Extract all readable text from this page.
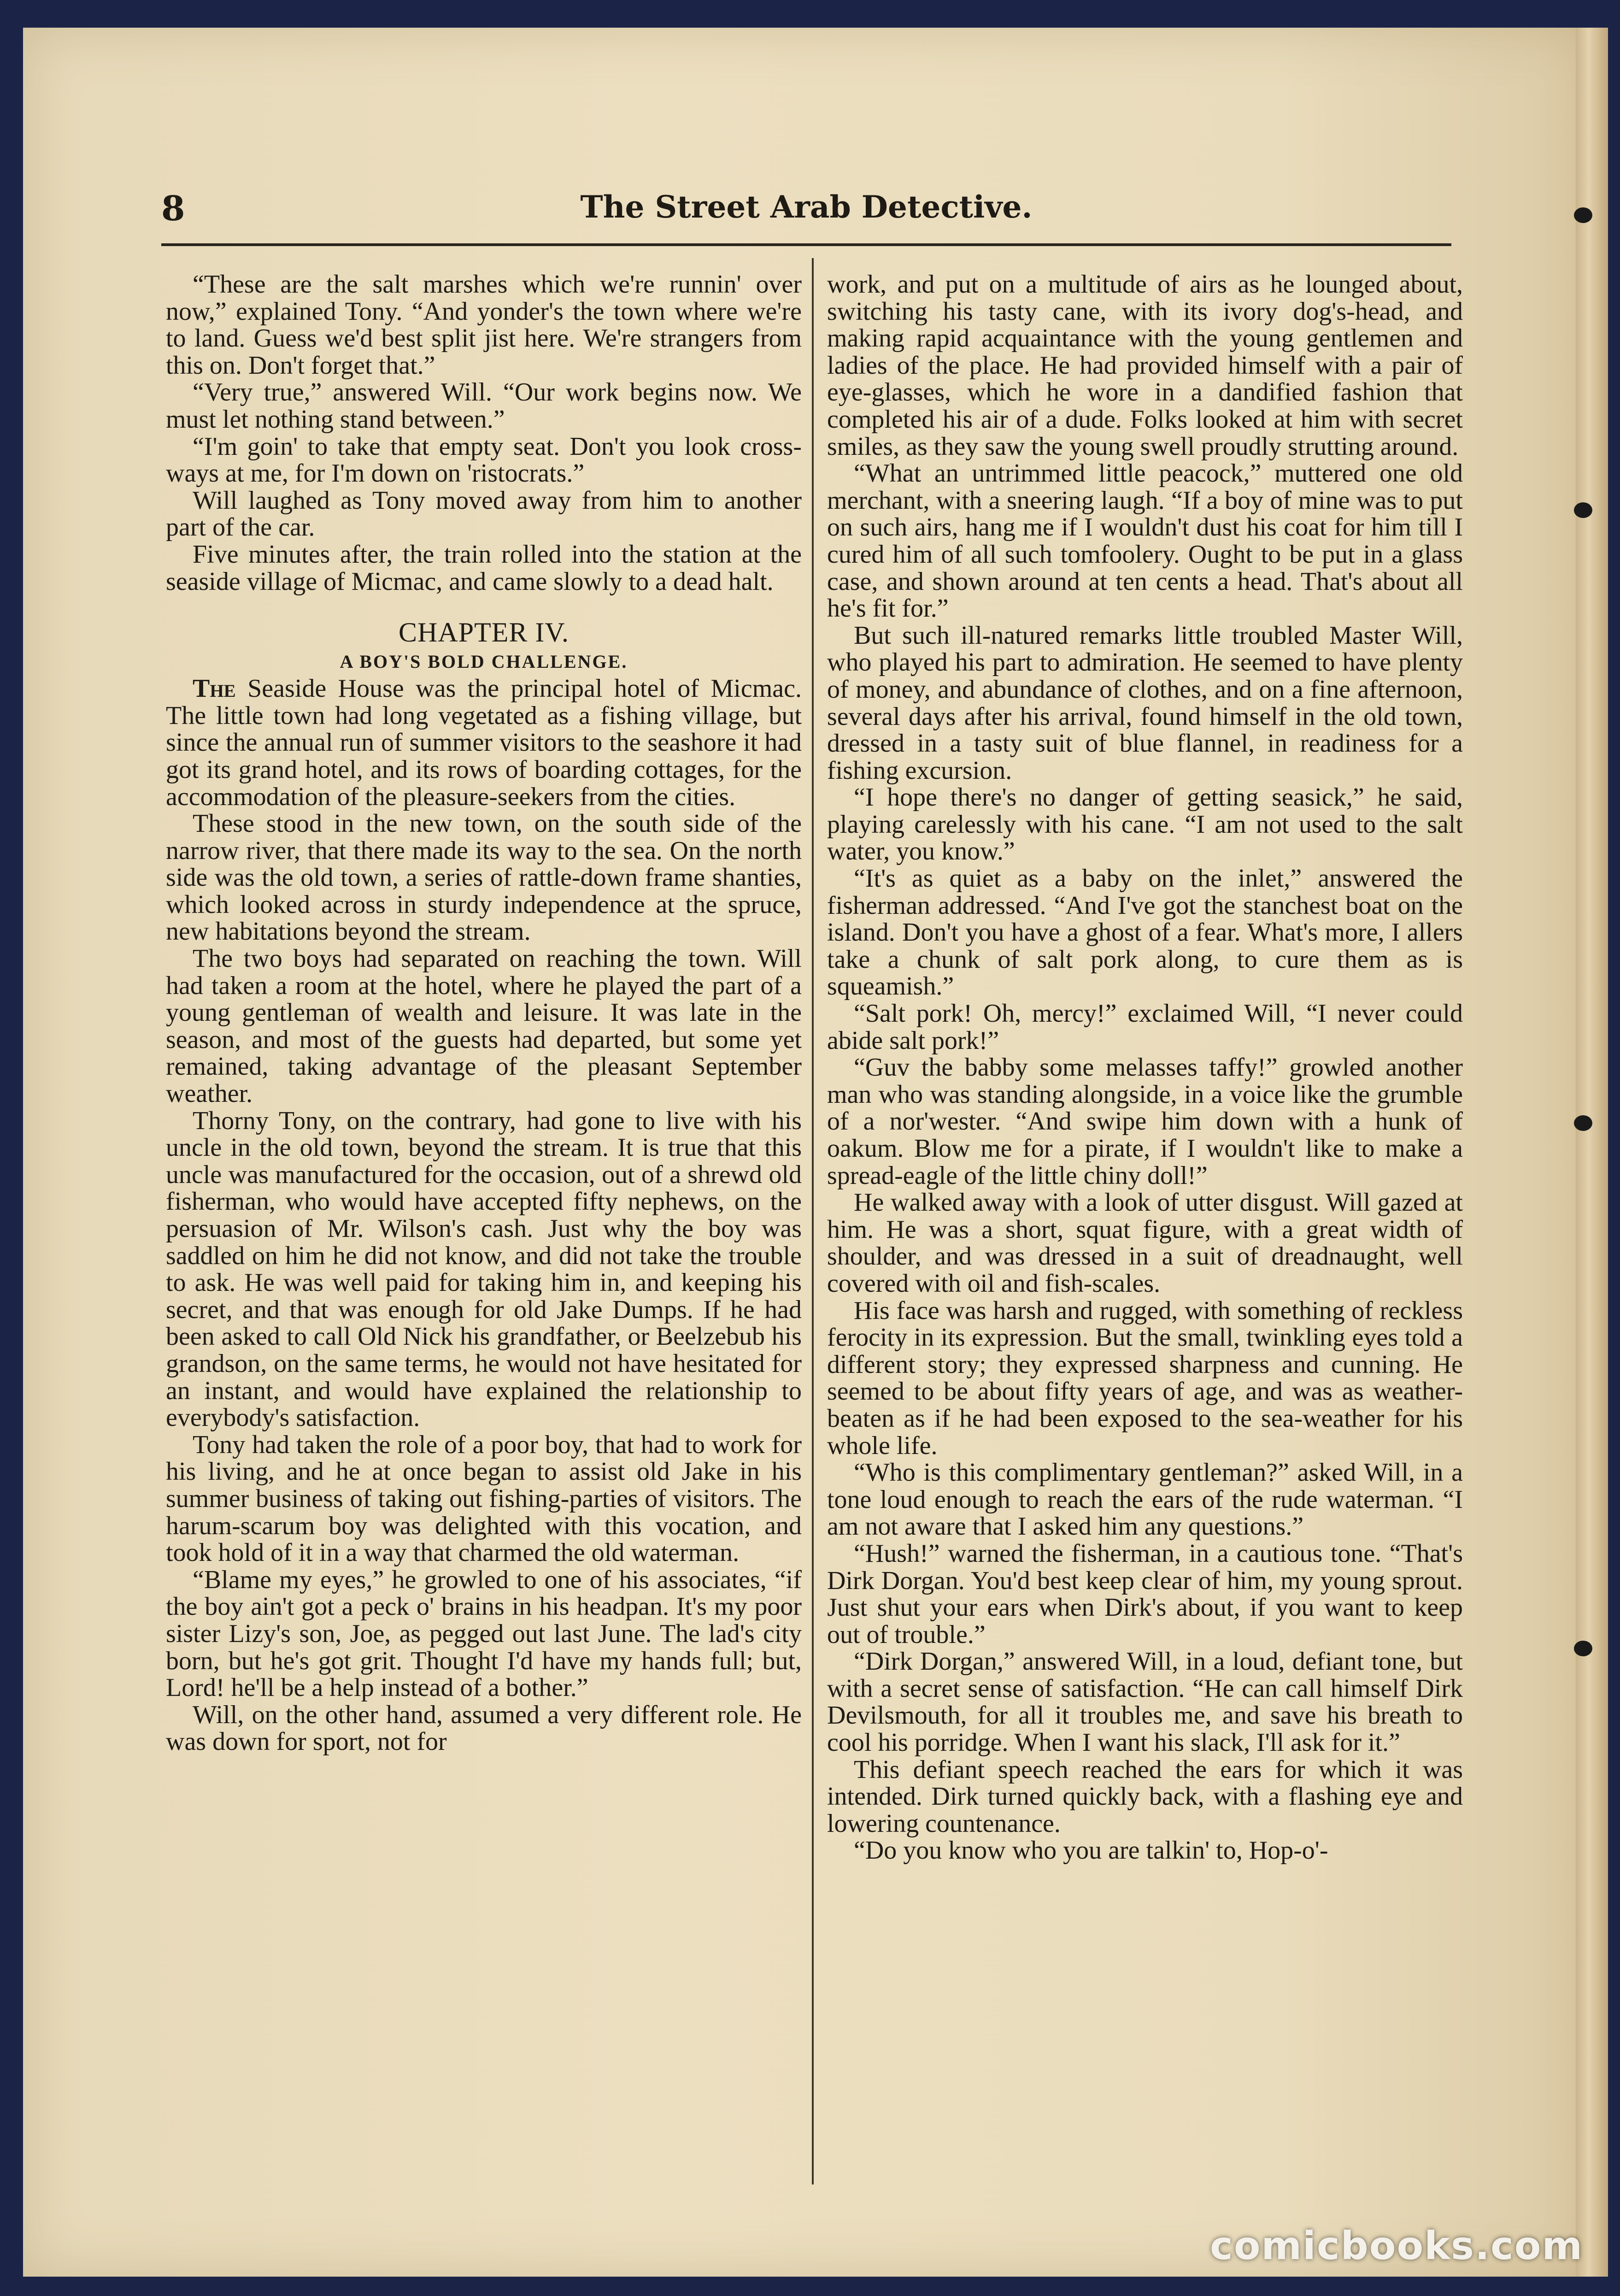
8	The Street Arab Detective.

“These are the salt marshes which we're runnin' over now,” explained Tony. “And yonder's the town where we're to land. Guess we'd best split jist here. We're strangers from this on. Don't forget that.”

“Very true,” answered Will. “Our work begins now. We must let nothing stand between.”

“I'm goin' to take that empty seat. Don't you look cross-ways at me, for I'm down on 'ristocrats.”

Will laughed as Tony moved away from him to another part of the car.

Five minutes after, the train rolled into the station at the seaside village of Micmac, and came slowly to a dead halt.

CHAPTER IV.
A BOY'S BOLD CHALLENGE.

The Seaside House was the principal hotel of Micmac. The little town had long vegetated as a fishing village, but since the annual run of summer visitors to the seashore it had got its grand hotel, and its rows of boarding cottages, for the accommodation of the pleasure-seekers from the cities.

These stood in the new town, on the south side of the narrow river, that there made its way to the sea. On the north side was the old town, a series of rattle-down frame shanties, which looked across in sturdy independence at the spruce, new habitations beyond the stream.

The two boys had separated on reaching the town. Will had taken a room at the hotel, where he played the part of a young gentleman of wealth and leisure. It was late in the season, and most of the guests had departed, but some yet remained, taking advantage of the pleasant September weather.

Thorny Tony, on the contrary, had gone to live with his uncle in the old town, beyond the stream. It is true that this uncle was manufactured for the occasion, out of a shrewd old fisherman, who would have accepted fifty nephews, on the persuasion of Mr. Wilson's cash. Just why the boy was saddled on him he did not know, and did not take the trouble to ask. He was well paid for taking him in, and keeping his secret, and that was enough for old Jake Dumps. If he had been asked to call Old Nick his grandfather, or Beelzebub his grandson, on the same terms, he would not have hesitated for an instant, and would have explained the relationship to everybody's satisfaction.

Tony had taken the role of a poor boy, that had to work for his living, and he at once began to assist old Jake in his summer business of taking out fishing-parties of visitors. The harum-scarum boy was delighted with this vocation, and took hold of it in a way that charmed the old waterman.

“Blame my eyes,” he growled to one of his associates, “if the boy ain't got a peck o' brains in his headpan. It's my poor sister Lizy's son, Joe, as pegged out last June. The lad's city born, but he's got grit. Thought I'd have my hands full; but, Lord! he'll be a help instead of a bother.”

Will, on the other hand, assumed a very different role. He was down for sport, not for

work, and put on a multitude of airs as he lounged about, switching his tasty cane, with its ivory dog's-head, and making rapid acquaintance with the young gentlemen and ladies of the place. He had provided himself with a pair of eye-glasses, which he wore in a dandified fashion that completed his air of a dude. Folks looked at him with secret smiles, as they saw the young swell proudly strutting around.

“What an untrimmed little peacock,” muttered one old merchant, with a sneering laugh. “If a boy of mine was to put on such airs, hang me if I wouldn't dust his coat for him till I cured him of all such tomfoolery. Ought to be put in a glass case, and shown around at ten cents a head. That's about all he's fit for.”

But such ill-natured remarks little troubled Master Will, who played his part to admiration. He seemed to have plenty of money, and abundance of clothes, and on a fine afternoon, several days after his arrival, found himself in the old town, dressed in a tasty suit of blue flannel, in readiness for a fishing excursion.

“I hope there's no danger of getting seasick,” he said, playing carelessly with his cane. “I am not used to the salt water, you know.”

“It's as quiet as a baby on the inlet,” answered the fisherman addressed. “And I've got the stanchest boat on the island. Don't you have a ghost of a fear. What's more, I allers take a chunk of salt pork along, to cure them as is squeamish.”

“Salt pork! Oh, mercy!” exclaimed Will, “I never could abide salt pork!”

“Guv the babby some melasses taffy!” growled another man who was standing alongside, in a voice like the grumble of a nor'wester. “And swipe him down with a hunk of oakum. Blow me for a pirate, if I wouldn't like to make a spread-eagle of the little chiny doll!”

He walked away with a look of utter disgust. Will gazed at him. He was a short, squat figure, with a great width of shoulder, and was dressed in a suit of dreadnaught, well covered with oil and fish-scales.

His face was harsh and rugged, with something of reckless ferocity in its expression. But the small, twinkling eyes told a different story; they expressed sharpness and cunning. He seemed to be about fifty years of age, and was as weather-beaten as if he had been exposed to the sea-weather for his whole life.

“Who is this complimentary gentleman?” asked Will, in a tone loud enough to reach the ears of the rude waterman. “I am not aware that I asked him any questions.”

“Hush!” warned the fisherman, in a cautious tone. “That's Dirk Dorgan. You'd best keep clear of him, my young sprout. Just shut your ears when Dirk's about, if you want to keep out of trouble.”

“Dirk Dorgan,” answered Will, in a loud, defiant tone, but with a secret sense of satisfaction. “He can call himself Dirk Devilsmouth, for all it troubles me, and save his breath to cool his porridge. When I want his slack, I'll ask for it.”

This defiant speech reached the ears for which it was intended. Dirk turned quickly back, with a flashing eye and lowering countenance.

“Do you know who you are talkin' to, Hop-o'-

comicbooks.com
